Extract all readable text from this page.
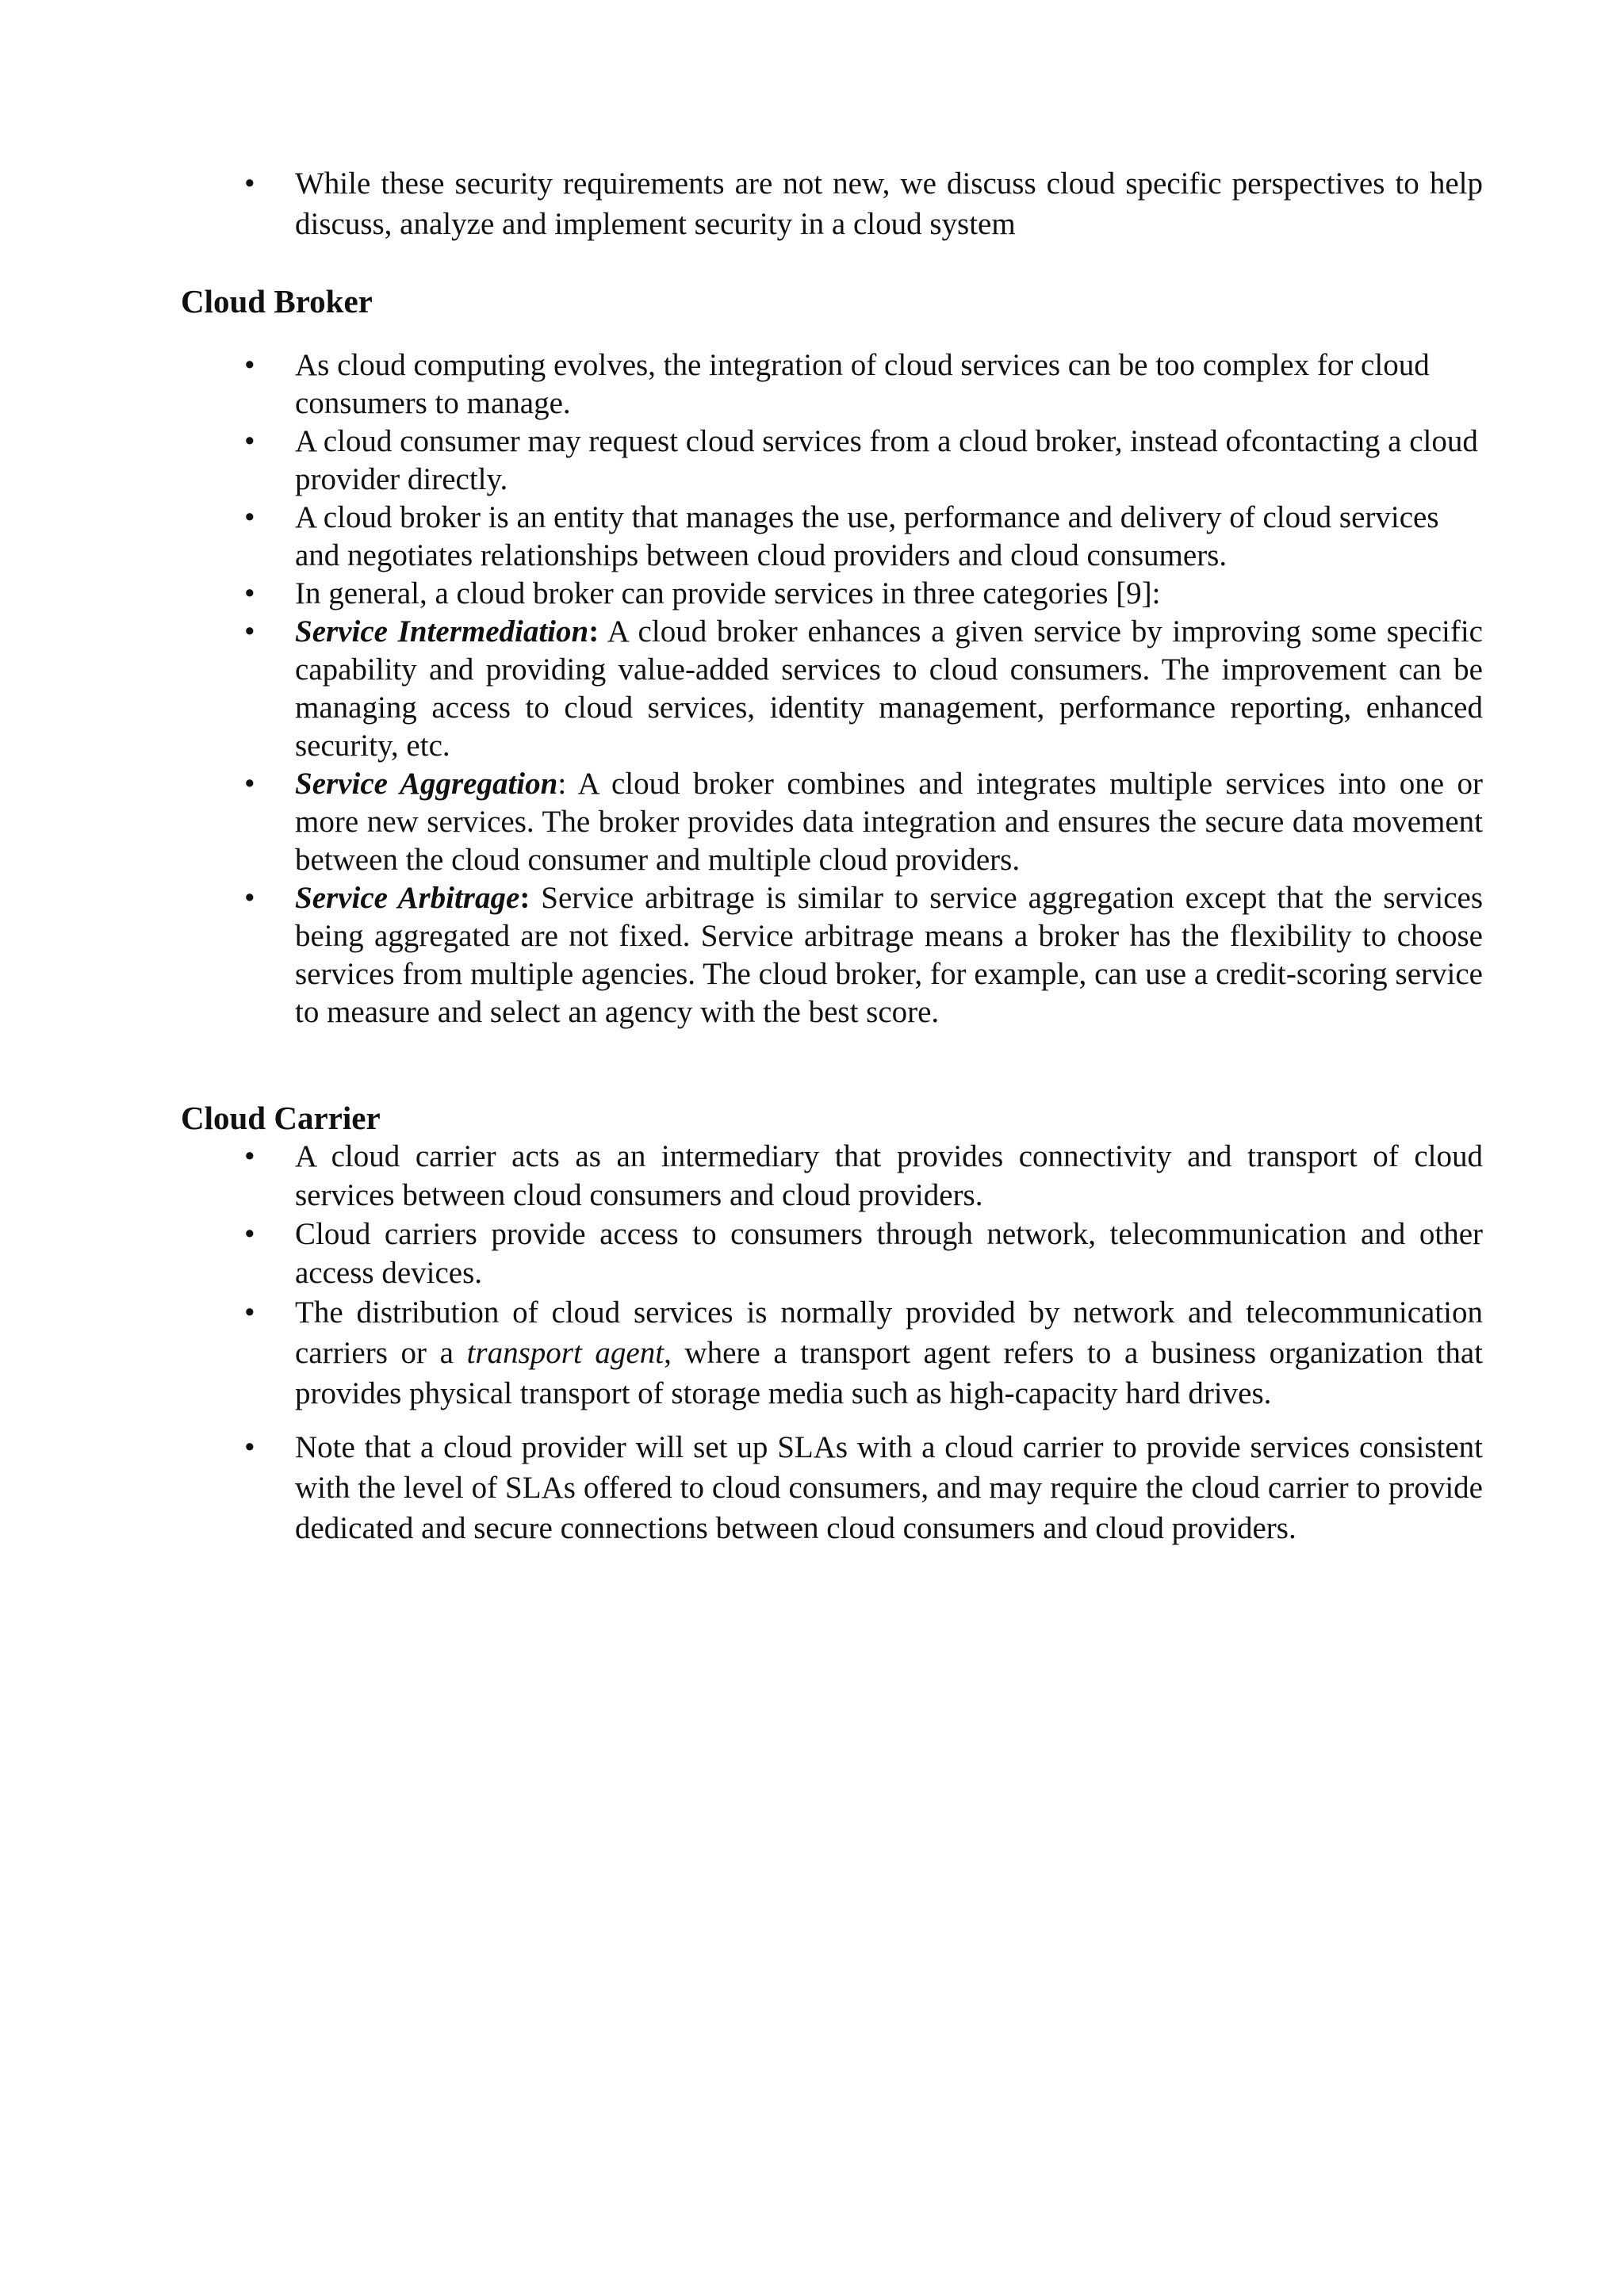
• While these security requirements are not new, we discuss cloud specific perspectives to help discuss, analyze and implement security in a cloud system
Cloud Broker
• As cloud computing evolves, the integration of cloud services can be too complex for cloud consumers to manage.
• A cloud consumer may request cloud services from a cloud broker, instead ofcontacting a cloud provider directly.
• A cloud broker is an entity that manages the use, performance and delivery of cloud services and negotiates relationships between cloud providers and cloud consumers.
• In general, a cloud broker can provide services in three categories [9]:
• Service Intermediation: A cloud broker enhances a given service by improving some specific capability and providing value-added services to cloud consumers. The improvement can be managing access to cloud services, identity management, performance reporting, enhanced security, etc.
• Service Aggregation: A cloud broker combines and integrates multiple services into one or more new services. The broker provides data integration and ensures the secure data movement between the cloud consumer and multiple cloud providers.
• Service Arbitrage: Service arbitrage is similar to service aggregation except that the services being aggregated are not fixed. Service arbitrage means a broker has the flexibility to choose services from multiple agencies. The cloud broker, for example, can use a credit-scoring service to measure and select an agency with the best score.
Cloud Carrier
• A cloud carrier acts as an intermediary that provides connectivity and transport of cloud services between cloud consumers and cloud providers.
• Cloud carriers provide access to consumers through network, telecommunication and other access devices.
• The distribution of cloud services is normally provided by network and telecommunication carriers or a transport agent, where a transport agent refers to a business organization that provides physical transport of storage media such as high-capacity hard drives.
• Note that a cloud provider will set up SLAs with a cloud carrier to provide services consistent with the level of SLAs offered to cloud consumers, and may require the cloud carrier to provide dedicated and secure connections between cloud consumers and cloud providers.
